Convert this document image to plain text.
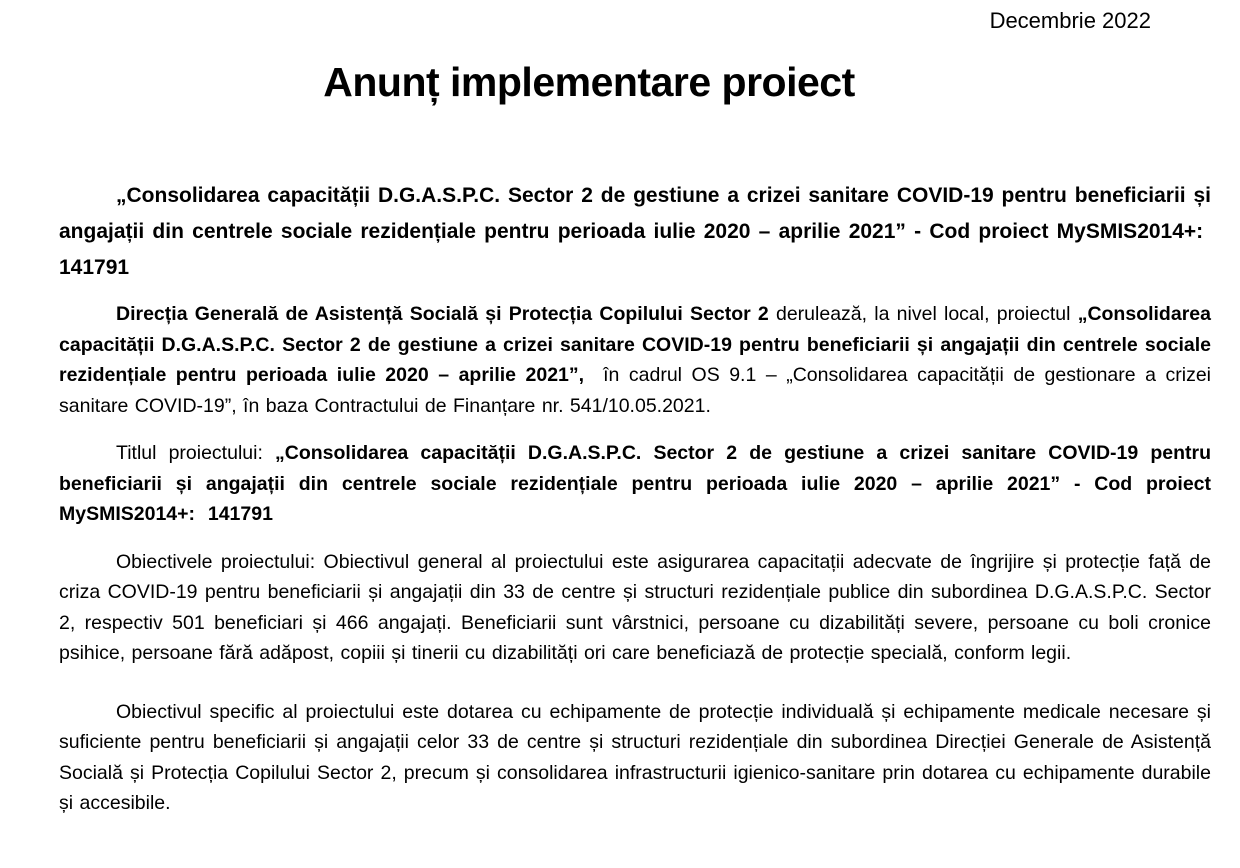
Decembrie 2022
Anunț implementare proiect

„Consolidarea capacității D.G.A.S.P.C. Sector 2 de gestiune a crizei sanitare COVID-19 pentru beneficiarii și angajații din centrele sociale rezidențiale pentru perioada iulie 2020 – aprilie 2021” - Cod proiect MySMIS2014+:  141791

Direcția Generală de Asistență Socială și Protecția Copilului Sector 2 derulează, la nivel local, proiectul „Consolidarea capacității D.G.A.S.P.C. Sector 2 de gestiune a crizei sanitare COVID-19 pentru beneficiarii și angajații din centrele sociale rezidențiale pentru perioada iulie 2020 – aprilie 2021”,  în cadrul OS 9.1 – „Consolidarea capacității de gestionare a crizei sanitare COVID-19”, în baza Contractului de Finanțare nr. 541/10.05.2021.

Titlul proiectului: „Consolidarea capacității D.G.A.S.P.C. Sector 2 de gestiune a crizei sanitare COVID-19 pentru beneficiarii și angajații din centrele sociale rezidențiale pentru perioada iulie 2020 – aprilie 2021” - Cod proiect MySMIS2014+:  141791

Obiectivele proiectului: Obiectivul general al proiectului este asigurarea capacitații adecvate de îngrijire și protecție față de criza COVID-19 pentru beneficiarii și angajații din 33 de centre și structuri rezidențiale publice din subordinea D.G.A.S.P.C. Sector 2, respectiv 501 beneficiari și 466 angajați. Beneficiarii sunt vârstnici, persoane cu dizabilități severe, persoane cu boli cronice psihice, persoane fără adăpost, copiii și tinerii cu dizabilități ori care beneficiază de protecție specială, conform legii.

Obiectivul specific al proiectului este dotarea cu echipamente de protecție individuală și echipamente medicale necesare și suficiente pentru beneficiarii și angajații celor 33 de centre și structuri rezidențiale din subordinea Direcției Generale de Asistență Socială și Protecția Copilului Sector 2, precum și consolidarea infrastructurii igienico-sanitare prin dotarea cu echipamente durabile și accesibile.
